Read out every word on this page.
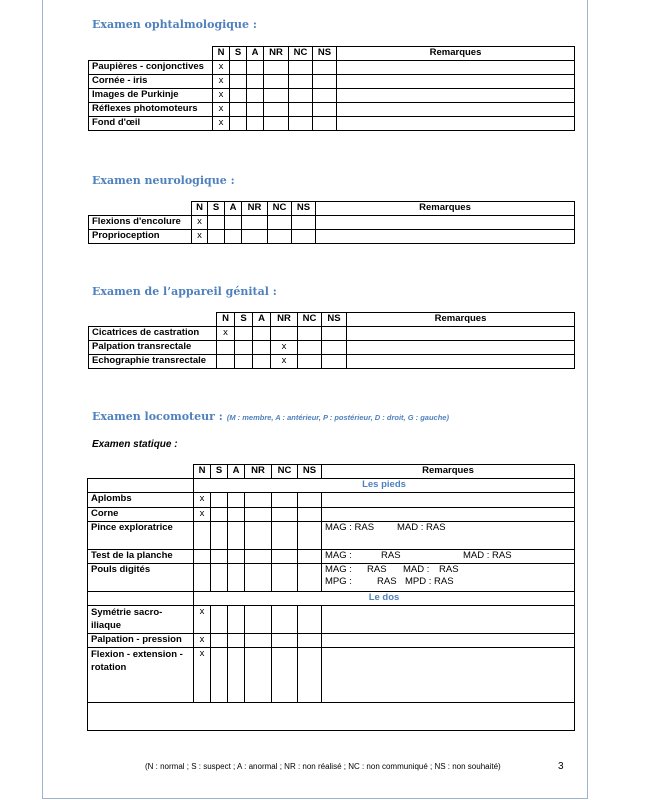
Examen ophtalmologique :
	N	S	A	NR	NC	NS	Remarques
Paupières - conjonctives	x						
Cornée - iris	x						
Images de Purkinje	x						
Réflexes photomoteurs	x						
Fond d'œil	x						
Examen neurologique :
	N	S	A	NR	NC	NS	Remarques
Flexions d'encolure	x						
Proprioception	x						
Examen de l’appareil génital :
	N	S	A	NR	NC	NS	Remarques
Cicatrices de castration	x						
Palpation transrectale				x			
Echographie transrectale				x			
Examen locomoteur : (M : membre, A : antérieur, P : postérieur, D : droit, G : gauche)
Examen statique :
	N	S	A	NR	NC	NS	Remarques
	Les pieds						
Aplombs	x						
Corne	x						
Pince exploratrice							MAG : RAS MAD : RAS
Test de la planche							MAG : RAS MAD : RAS
Pouls digités							MAG : RAS MAD : RAS
MPG : RAS MPD : RAS

	Le dos						
Symétrie sacro-iliaque	x						
Palpation - pression	x						
Flexion - extension - rotation	x						

(N : normal ; S : suspect ; A : anormal ; NR : non réalisé ; NC : non communiqué ; NS : non souhaité)	3
